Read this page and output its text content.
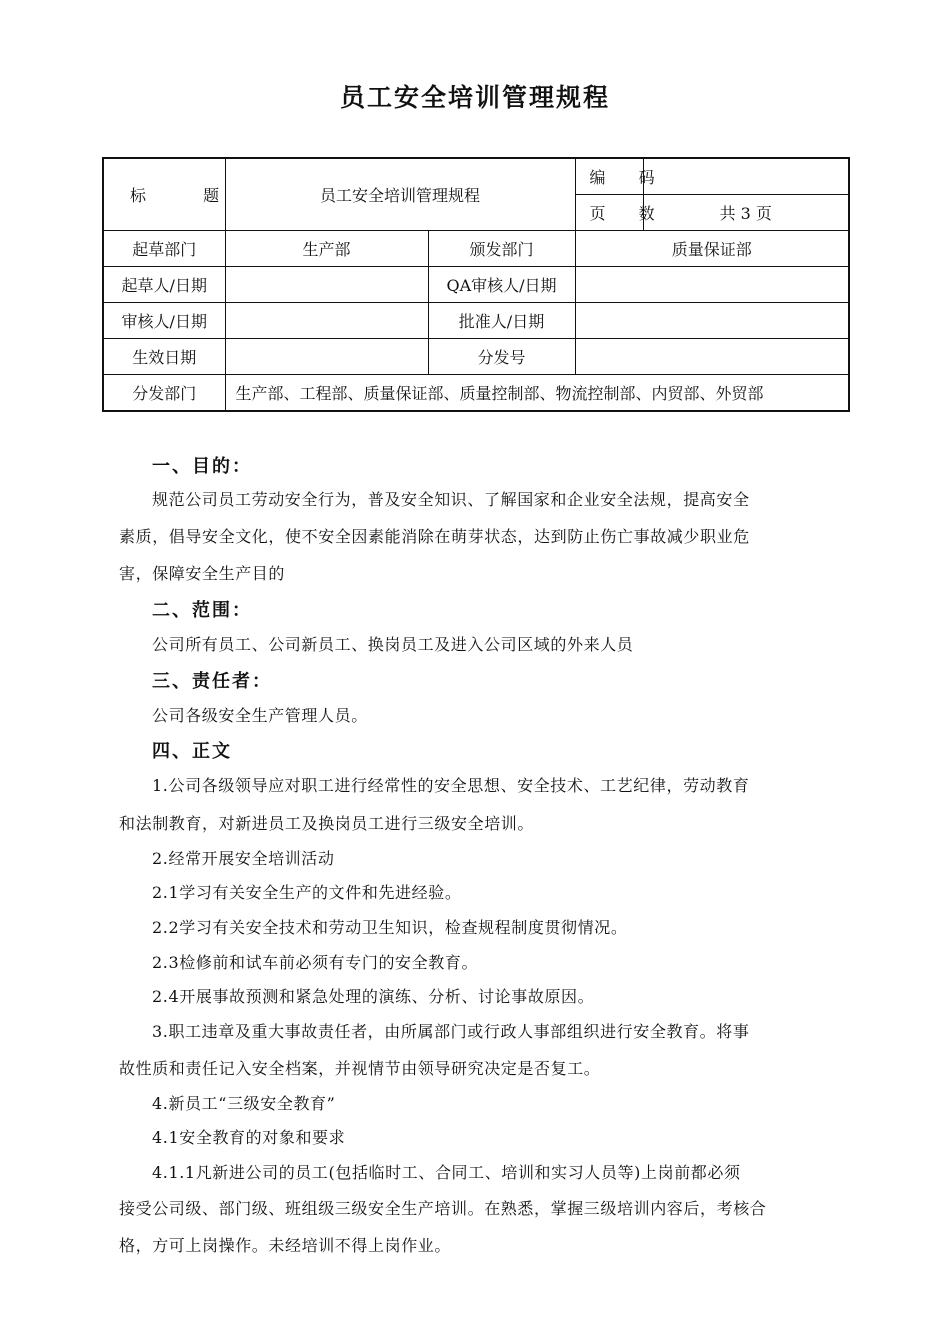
员工安全培训管理规程
标 题	员工安全培训管理规程		编 码	
			页 数	共 3 页
起草部门	生产部	颁发部门	质量保证部	
起草人/日期		QA审核人/日期		
审核人/日期		批准人/日期		
生效日期		分发号		
分发部门	生产部、工程部、质量保证部、质量控制部、物流控制部、内贸部、外贸部			
一、目的：
规范公司员工劳动安全行为，普及安全知识、了解国家和企业安全法规，提高安全
素质，倡导安全文化，使不安全因素能消除在萌芽状态，达到防止伤亡事故减少职业危
害，保障安全生产目的
二、范围：
公司所有员工、公司新员工、换岗员工及进入公司区域的外来人员
三、责任者：
公司各级安全生产管理人员。
四、正文
1.公司各级领导应对职工进行经常性的安全思想、安全技术、工艺纪律，劳动教育
和法制教育，对新进员工及换岗员工进行三级安全培训。
2.经常开展安全培训活动
2.1学习有关安全生产的文件和先进经验。
2.2学习有关安全技术和劳动卫生知识，检查规程制度贯彻情况。
2.3检修前和试车前必须有专门的安全教育。
2.4开展事故预测和紧急处理的演练、分析、讨论事故原因。
3.职工违章及重大事故责任者，由所属部门或行政人事部组织进行安全教育。将事
故性质和责任记入安全档案，并视情节由领导研究决定是否复工。
4.新员工“三级安全教育”
4.1安全教育的对象和要求
4.1.1凡新进公司的员工(包括临时工、合同工、培训和实习人员等)上岗前都必须
接受公司级、部门级、班组级三级安全生产培训。在熟悉，掌握三级培训内容后，考核合
格，方可上岗操作。未经培训不得上岗作业。
